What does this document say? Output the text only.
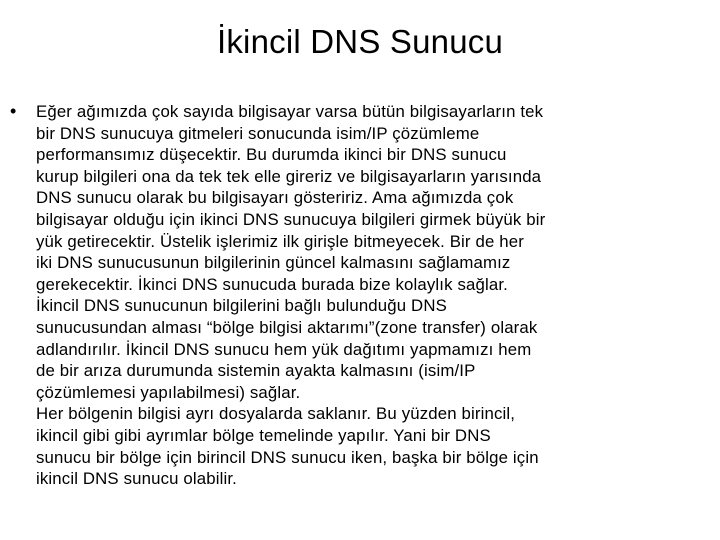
İkincil DNS Sunucu
• Eğer ağımızda çok sayıda bilgisayar varsa bütün bilgisayarların tek
bir DNS sunucuya gitmeleri sonucunda isim/IP çözümleme
performansımız düşecektir. Bu durumda ikinci bir DNS sunucu
kurup bilgileri ona da tek tek elle gireriz ve bilgisayarların yarısında
DNS sunucu olarak bu bilgisayarı gösteririz. Ama ağımızda çok
bilgisayar olduğu için ikinci DNS sunucuya bilgileri girmek büyük bir
yük getirecektir. Üstelik işlerimiz ilk girişle bitmeyecek. Bir de her
iki DNS sunucusunun bilgilerinin güncel kalmasını sağlamamız
gerekecektir. İkinci DNS sunucuda burada bize kolaylık sağlar.
İkincil DNS sunucunun bilgilerini bağlı bulunduğu DNS
sunucusundan alması “bölge bilgisi aktarımı”(zone transfer) olarak
adlandırılır. İkincil DNS sunucu hem yük dağıtımı yapmamızı hem
de bir arıza durumunda sistemin ayakta kalmasını (isim/IP
çözümlemesi yapılabilmesi) sağlar.
Her bölgenin bilgisi ayrı dosyalarda saklanır. Bu yüzden birincil,
ikincil gibi gibi ayrımlar bölge temelinde yapılır. Yani bir DNS
sunucu bir bölge için birincil DNS sunucu iken, başka bir bölge için
ikincil DNS sunucu olabilir.
